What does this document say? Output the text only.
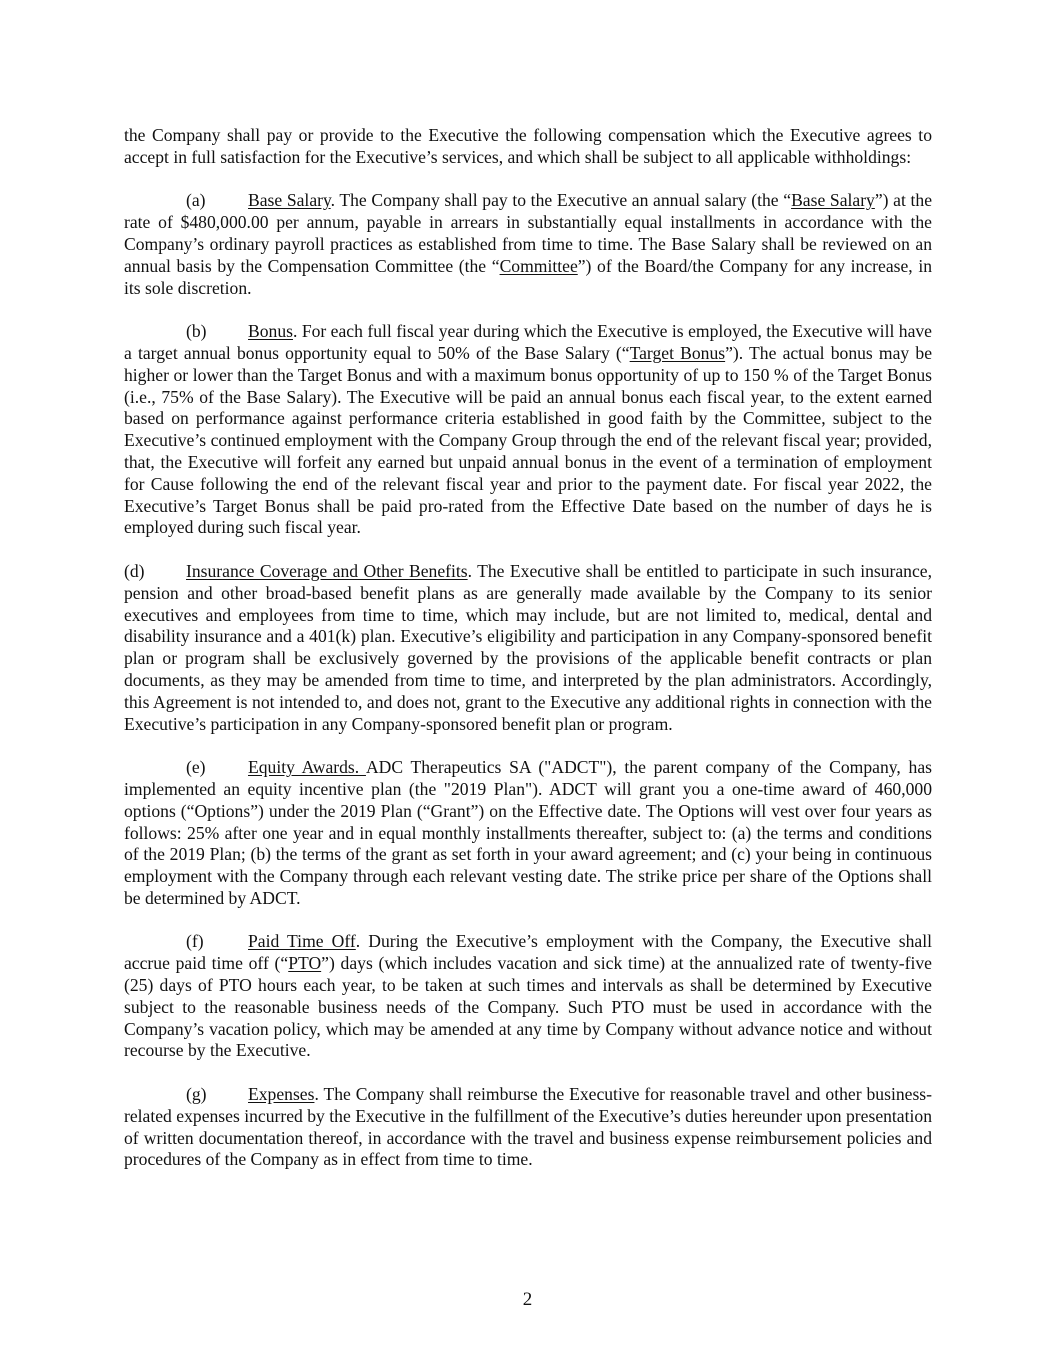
the Company shall pay or provide to the Executive the following compensation which the Executive agrees to accept in full satisfaction for the Executive’s services, and which shall be subject to all applicable withholdings:

(a) Base Salary. The Company shall pay to the Executive an annual salary (the “Base Salary”) at the rate of $480,000.00 per annum, payable in arrears in substantially equal installments in accordance with the Company’s ordinary payroll practices as established from time to time. The Base Salary shall be reviewed on an annual basis by the Compensation Committee (the “Committee”) of the Board/the Company for any increase, in its sole discretion.

(b) Bonus. For each full fiscal year during which the Executive is employed, the Executive will have a target annual bonus opportunity equal to 50% of the Base Salary (“Target Bonus”). The actual bonus may be higher or lower than the Target Bonus and with a maximum bonus opportunity of up to 150 % of the Target Bonus (i.e., 75% of the Base Salary). The Executive will be paid an annual bonus each fiscal year, to the extent earned based on performance against performance criteria established in good faith by the Committee, subject to the Executive’s continued employment with the Company Group through the end of the relevant fiscal year; provided, that, the Executive will forfeit any earned but unpaid annual bonus in the event of a termination of employment for Cause following the end of the relevant fiscal year and prior to the payment date. For fiscal year 2022, the Executive’s Target Bonus shall be paid pro-rated from the Effective Date based on the number of days he is employed during such fiscal year.

(d) Insurance Coverage and Other Benefits. The Executive shall be entitled to participate in such insurance, pension and other broad-based benefit plans as are generally made available by the Company to its senior executives and employees from time to time, which may include, but are not limited to, medical, dental and disability insurance and a 401(k) plan. Executive’s eligibility and participation in any Company-sponsored benefit plan or program shall be exclusively governed by the provisions of the applicable benefit contracts or plan documents, as they may be amended from time to time, and interpreted by the plan administrators. Accordingly, this Agreement is not intended to, and does not, grant to the Executive any additional rights in connection with the Executive’s participation in any Company-sponsored benefit plan or program.

(e) Equity Awards. ADC Therapeutics SA ("ADCT"), the parent company of the Company, has implemented an equity incentive plan (the "2019 Plan"). ADCT will grant you a one-time award of 460,000 options (“Options”) under the 2019 Plan (“Grant”) on the Effective date. The Options will vest over four years as follows: 25% after one year and in equal monthly installments thereafter, subject to: (a) the terms and conditions of the 2019 Plan; (b) the terms of the grant as set forth in your award agreement; and (c) your being in continuous employment with the Company through each relevant vesting date. The strike price per share of the Options shall be determined by ADCT.

(f)	Paid Time Off. During the Executive’s employment with the Company, the Executive shall accrue paid time off (“PTO”) days (which includes vacation and sick time) at the annualized rate of twenty-five (25) days of PTO hours each year, to be taken at such times and intervals as shall be determined by Executive subject to the reasonable business needs of the Company. Such PTO must be used in accordance with the Company’s vacation policy, which may be amended at any time by Company without advance notice and without recourse by the Executive.

(g) Expenses. The Company shall reimburse the Executive for reasonable travel and other business-related expenses incurred by the Executive in the fulfillment of the Executive’s duties hereunder upon presentation of written documentation thereof, in accordance with the travel and business expense reimbursement policies and procedures of the Company as in effect from time to time.

2
